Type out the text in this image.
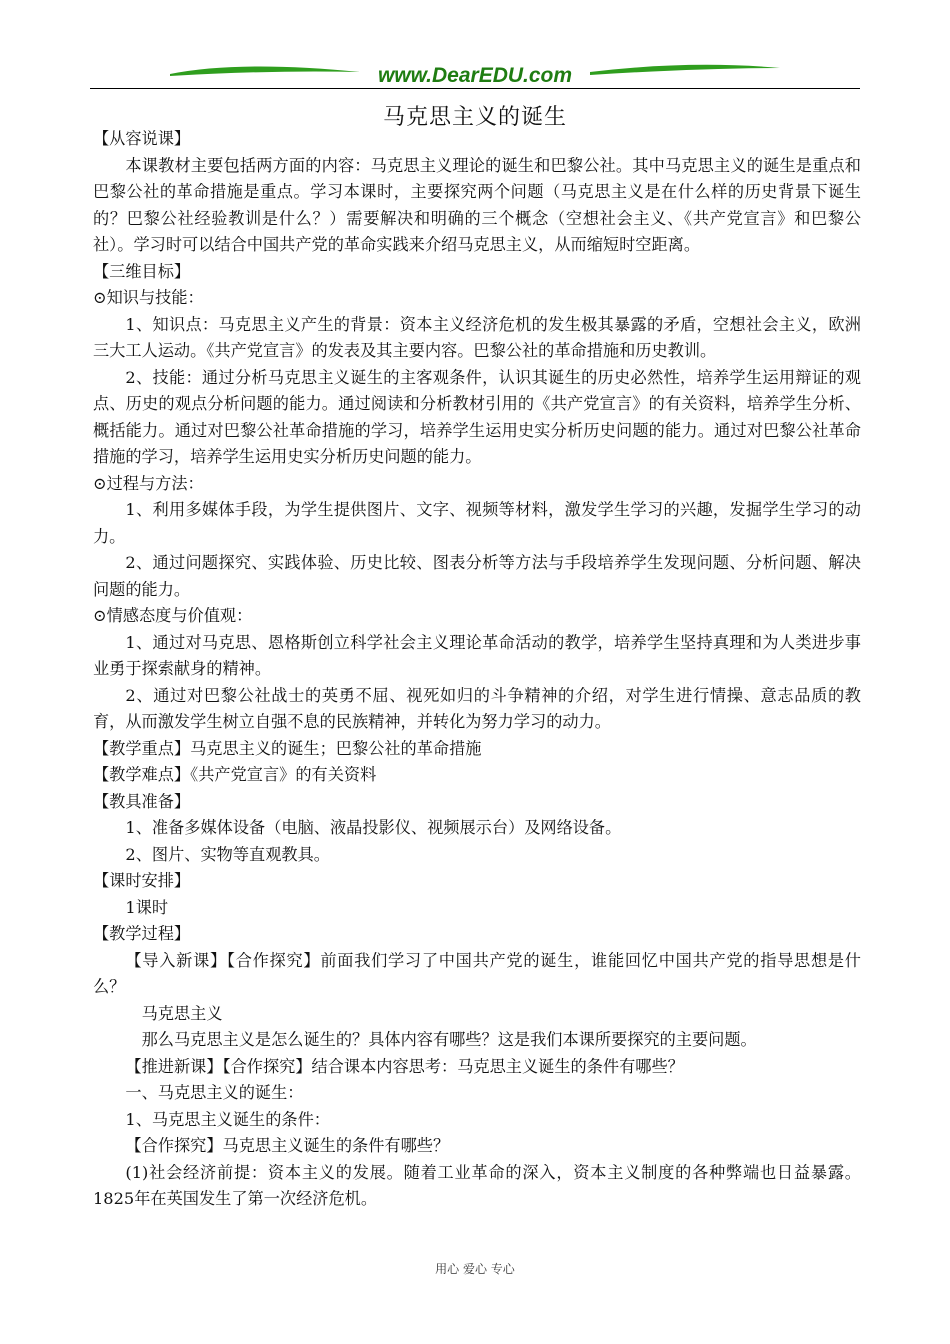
www.DearEDU.com
马克思主义的诞生

【从容说课】

本课教材主要包括两方面的内容：马克思主义理论的诞生和巴黎公社。其中马克思主义的诞生是重点和巴黎公社的革命措施是重点。学习本课时，主要探究两个问题（马克思主义是在什么样的历史背景下诞生的？巴黎公社经验教训是什么？）需要解决和明确的三个概念（空想社会主义、《共产党宣言》和巴黎公社）。学习时可以结合中国共产党的革命实践来介绍马克思主义，从而缩短时空距离。

【三维目标】

⊙知识与技能：

1、知识点：马克思主义产生的背景：资本主义经济危机的发生极其暴露的矛盾，空想社会主义，欧洲三大工人运动。《共产党宣言》的发表及其主要内容。巴黎公社的革命措施和历史教训。

2、技能：通过分析马克思主义诞生的主客观条件，认识其诞生的历史必然性，培养学生运用辩证的观点、历史的观点分析问题的能力。通过阅读和分析教材引用的《共产党宣言》的有关资料，培养学生分析、概括能力。通过对巴黎公社革命措施的学习，培养学生运用史实分析历史问题的能力。通过对巴黎公社革命措施的学习，培养学生运用史实分析历史问题的能力。

⊙过程与方法：

1、利用多媒体手段，为学生提供图片、文字、视频等材料，激发学生学习的兴趣，发掘学生学习的动力。

2、通过问题探究、实践体验、历史比较、图表分析等方法与手段培养学生发现问题、分析问题、解决问题的能力。

⊙情感态度与价值观：

1、通过对马克思、恩格斯创立科学社会主义理论革命活动的教学，培养学生坚持真理和为人类进步事业勇于探索献身的精神。

2、通过对巴黎公社战士的英勇不屈、视死如归的斗争精神的介绍，对学生进行情操、意志品质的教育，从而激发学生树立自强不息的民族精神，并转化为努力学习的动力。

【教学重点】马克思主义的诞生；巴黎公社的革命措施

【教学难点】《共产党宣言》的有关资料

【教具准备】

1、准备多媒体设备（电脑、液晶投影仪、视频展示台）及网络设备。

2、图片、实物等直观教具。

【课时安排】

1课时

【教学过程】

【导入新课】【合作探究】前面我们学习了中国共产党的诞生，谁能回忆中国共产党的指导思想是什么？

马克思主义

那么马克思主义是怎么诞生的？具体内容有哪些？这是我们本课所要探究的主要问题。

【推进新课】【合作探究】结合课本内容思考：马克思主义诞生的条件有哪些？

一、马克思主义的诞生：

1、马克思主义诞生的条件：

【合作探究】马克思主义诞生的条件有哪些？

(1)社会经济前提：资本主义的发展。随着工业革命的深入，资本主义制度的各种弊端也日益暴露。1825年在英国发生了第一次经济危机。

用心 爱心 专心
